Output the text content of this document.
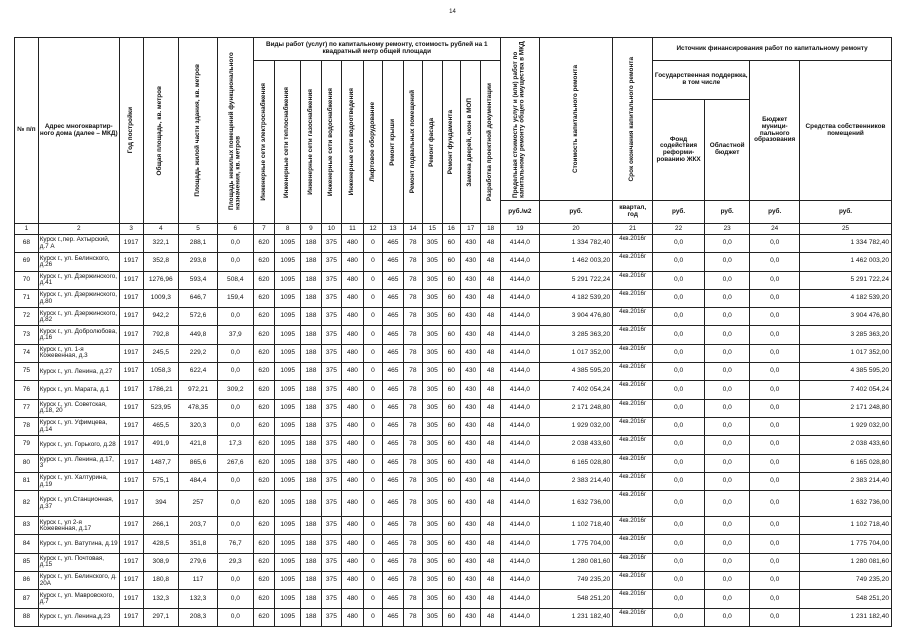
14
№ п/п	Адрес многоквартир-ного дома (далее – МКД)	Год постройки	Общая площадь, кв. метров	Площадь жилой части здания, кв. метров	Площадь нежилых помещений функционального назначения, кв. метров	Виды работ (услуг) по капитальному ремонту, стоимость рублей на 1 квадратный метр общей площади												Предельная стоимость услуг и (или) работ по капитальному ремонту общего имущества в МКД	Стоимость капитального ремонта	Срок окончания капитального ремонта	Источник финансирования работ по капитальному ремонту			

						Инженерные сети электроснабжения	Инженерные сети теплоснабжения	Инженерные сети газоснабжения	Инженерные сети водоснабжения	Инженерные сети водоотведения	Лифтовое оборудование	Ремонт крыши	Ремонт подвальных помещений	Ремонт фасада	Ремонт фундамента	Замена дверей, окон в МОП	Разработка проектной документации				Государственная поддержка, в том числе		Бюджет муници-пального образования	Средства собственников помещений
																					Фонд содействия реформи-рованию ЖКХ	Областной бюджет		
																		руб./м2	руб.	квартал, год	руб.	руб.	руб.	руб.
1	2	3	4	5	6	7	8	9	10	11	12	13	14	15	16	17	18	19	20	21	22	23	24	25
68	Курск г.,пер. Ахтырский, д.7 А	1917	322,1	288,1	0,0	620	1095	188	375	480	0	465	78	305	60	430	48	4144,0	1 334 782,40	4кв.2016г	0,0	0,0	0,0	1 334 782,40
69	Курск г., ул. Белинского, д.26	1917	352,8	293,8	0,0	620	1095	188	375	480	0	465	78	305	60	430	48	4144,0	1 462 003,20	4кв.2016г	0,0	0,0	0,0	1 462 003,20
70	Курск г., ул. Дзержинского, д.41	1917	1276,96	593,4	508,4	620	1095	188	375	480	0	465	78	305	60	430	48	4144,0	5 291 722,24	4кв.2016г	0,0	0,0	0,0	5 291 722,24
71	Курск г., ул. Дзержинского, д.80	1917	1009,3	646,7	159,4	620	1095	188	375	480	0	465	78	305	60	430	48	4144,0	4 182 539,20	4кв.2016г	0,0	0,0	0,0	4 182 539,20
72	Курск г., ул. Дзержинского, д.82	1917	942,2	572,6	0,0	620	1095	188	375	480	0	465	78	305	60	430	48	4144,0	3 904 476,80	4кв.2016г	0,0	0,0	0,0	3 904 476,80
73	Курск г., ул. Добролюбова, д.16	1917	792,8	449,8	37,9	620	1095	188	375	480	0	465	78	305	60	430	48	4144,0	3 285 363,20	4кв.2016г	0,0	0,0	0,0	3 285 363,20
74	Курск г., ул. 1-я Кожевенная, д.3	1917	245,5	229,2	0,0	620	1095	188	375	480	0	465	78	305	60	430	48	4144,0	1 017 352,00	4кв.2016г	0,0	0,0	0,0	1 017 352,00
75	Курск г., ул. Ленина, д.27	1917	1058,3	622,4	0,0	620	1095	188	375	480	0	465	78	305	60	430	48	4144,0	4 385 595,20	4кв.2016г	0,0	0,0	0,0	4 385 595,20
76	Курск г., ул. Марата, д.1	1917	1786,21	972,21	309,2	620	1095	188	375	480	0	465	78	305	60	430	48	4144,0	7 402 054,24	4кв.2016г	0,0	0,0	0,0	7 402 054,24
77	Курск г., ул. Советская, д.18, 20	1917	523,95	478,35	0,0	620	1095	188	375	480	0	465	78	305	60	430	48	4144,0	2 171 248,80	4кв.2016г	0,0	0,0	0,0	2 171 248,80
78	Курск г., ул. Уфимцева, д.14	1917	465,5	320,3	0,0	620	1095	188	375	480	0	465	78	305	60	430	48	4144,0	1 929 032,00	4кв.2016г	0,0	0,0	0,0	1 929 032,00
79	Курск г., ул. Горького, д.28	1917	491,9	421,8	17,3	620	1095	188	375	480	0	465	78	305	60	430	48	4144,0	2 038 433,60	4кв.2016г	0,0	0,0	0,0	2 038 433,60
80	Курск г., ул. Ленина, д.17, 3	1917	1487,7	865,6	267,6	620	1095	188	375	480	0	465	78	305	60	430	48	4144,0	6 165 028,80	4кв.2016г	0,0	0,0	0,0	6 165 028,80
81	Курск г., ул. Халтурина, д.19	1917	575,1	484,4	0,0	620	1095	188	375	480	0	465	78	305	60	430	48	4144,0	2 383 214,40	4кв.2016г	0,0	0,0	0,0	2 383 214,40
82	Курск г., ул.Станционная, д.37	1917	394	257	0,0	620	1095	188	375	480	0	465	78	305	60	430	48	4144,0	1 632 736,00	4кв.2016г	0,0	0,0	0,0	1 632 736,00
83	Курск г., ул 2-я Кожевенная, д.17	1917	266,1	203,7	0,0	620	1095	188	375	480	0	465	78	305	60	430	48	4144,0	1 102 718,40	4кв.2016г	0,0	0,0	0,0	1 102 718,40
84	Курск г., ул. Ватутина, д.19	1917	428,5	351,8	76,7	620	1095	188	375	480	0	465	78	305	60	430	48	4144,0	1 775 704,00	4кв.2016г	0,0	0,0	0,0	1 775 704,00
85	Курск г., ул. Почтовая, д.15	1917	308,9	279,6	29,3	620	1095	188	375	480	0	465	78	305	60	430	48	4144,0	1 280 081,60	4кв.2016г	0,0	0,0	0,0	1 280 081,60
86	Курск г., ул. Белинского, д. 20А	1917	180,8	117	0,0	620	1095	188	375	480	0	465	78	305	60	430	48	4144,0	749 235,20	4кв.2016г	0,0	0,0	0,0	749 235,20
87	Курск г., ул. Мавровского, д.7	1917	132,3	132,3	0,0	620	1095	188	375	480	0	465	78	305	60	430	48	4144,0	548 251,20	4кв.2016г	0,0	0,0	0,0	548 251,20
88	Курск г., ул. Ленина,д.23	1917	297,1	208,3	0,0	620	1095	188	375	480	0	465	78	305	60	430	48	4144,0	1 231 182,40	4кв.2016г	0,0	0,0	0,0	1 231 182,40
